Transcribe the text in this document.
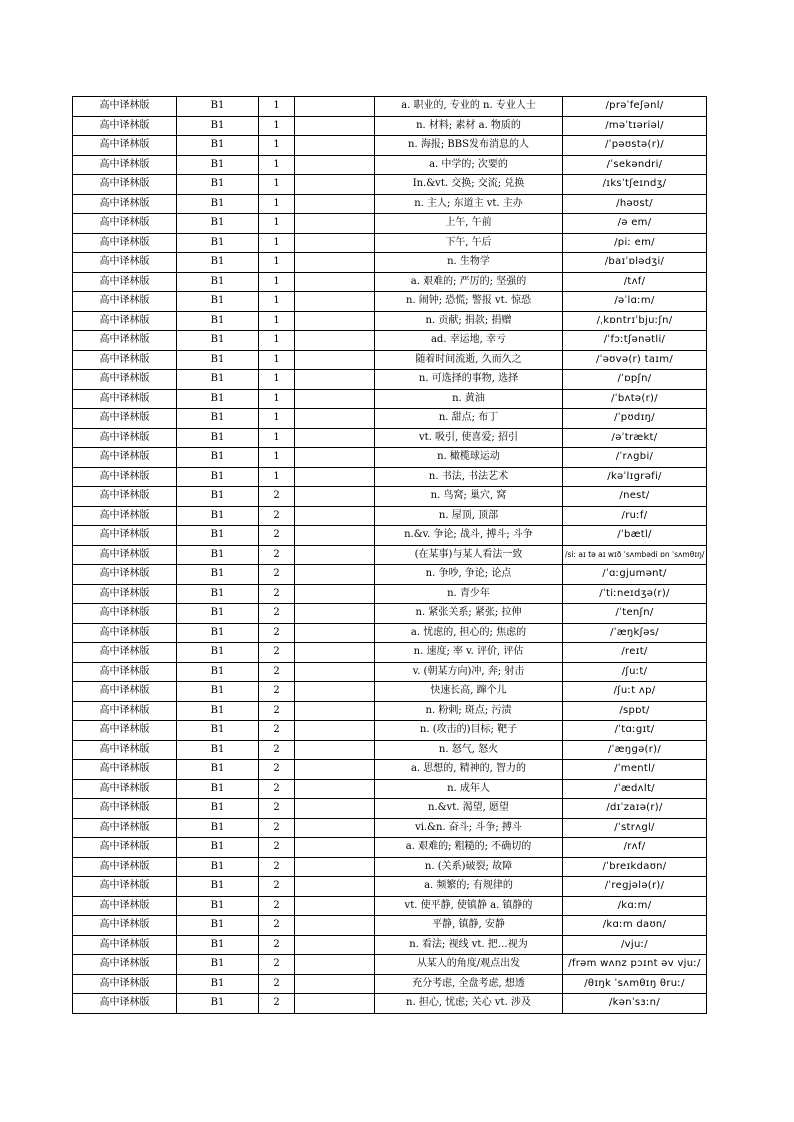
高中译林版	B1	1		a. 职业的, 专业的 n. 专业人士	/prəˈfeʃənl/
高中译林版	B1	1		n. 材料; 素材 a. 物质的	/məˈtɪəriəl/
高中译林版	B1	1		n. 海报; BBS发布消息的人	/ˈpəʊstə(r)/
高中译林版	B1	1		a. 中学的; 次要的	/ˈsekəndri/
高中译林版	B1	1		In.&vt. 交换; 交流; 兑换	/ɪksˈtʃeɪndʒ/
高中译林版	B1	1		n. 主人; 东道主 vt. 主办	/həʊst/
高中译林版	B1	1		上午, 午前	/ə em/
高中译林版	B1	1		下午, 午后	/piː em/
高中译林版	B1	1		n. 生物学	/baɪˈɒlədʒi/
高中译林版	B1	1		a. 艰难的; 严厉的; 坚强的	/tʌf/
高中译林版	B1	1		n. 闹钟; 恐慌; 警报 vt. 惊恐	/əˈlɑːm/
高中译林版	B1	1		n. 贡献; 捐款; 捐赠	/ˌkɒntrɪˈbjuːʃn/
高中译林版	B1	1		ad. 幸运地, 幸亏	/ˈfɔːtʃənətli/
高中译林版	B1	1		随着时间流逝, 久而久之	/ˈəʊvə(r) taɪm/
高中译林版	B1	1		n. 可选择的事物, 选择	/ˈɒpʃn/
高中译林版	B1	1		n. 黄油	/ˈbʌtə(r)/
高中译林版	B1	1		n. 甜点; 布丁	/ˈpʊdɪŋ/
高中译林版	B1	1		vt. 吸引, 使喜爱; 招引	/əˈtrækt/
高中译林版	B1	1		n. 橄榄球运动	/ˈrʌgbi/
高中译林版	B1	1		n. 书法, 书法艺术	/kəˈlɪgrəfi/
高中译林版	B1	2		n. 鸟窝; 巢穴, 窝	/nest/
高中译林版	B1	2		n. 屋顶, 顶部	/ruːf/
高中译林版	B1	2		n.&v. 争论; 战斗, 搏斗; 斗争	/ˈbætl/
高中译林版	B1	2		(在某事)与某人看法一致	/siː aɪ tə aɪ wɪð ˈsʌmbədi ɒn ˈsʌmθɪŋ/
高中译林版	B1	2		n. 争吵, 争论; 论点	/ˈɑːgjumənt/
高中译林版	B1	2		n. 青少年	/ˈtiːneɪdʒə(r)/
高中译林版	B1	2		n. 紧张关系; 紧张; 拉伸	/ˈtenʃn/
高中译林版	B1	2		a. 忧虑的, 担心的; 焦虑的	/ˈæŋkʃəs/
高中译林版	B1	2		n. 速度; 率 v. 评价, 评估	/reɪt/
高中译林版	B1	2		v. (朝某方向)冲, 奔; 射击	/ʃuːt/
高中译林版	B1	2		快速长高, 蹿个儿	/ʃuːt ʌp/
高中译林版	B1	2		n. 粉刺; 斑点; 污渍	/spɒt/
高中译林版	B1	2		n. (攻击的)目标; 靶子	/ˈtɑːgɪt/
高中译林版	B1	2		n. 怒气, 怒火	/ˈæŋgə(r)/
高中译林版	B1	2		a. 思想的, 精神的, 智力的	/ˈmentl/
高中译林版	B1	2		n. 成年人	/ˈædʌlt/
高中译林版	B1	2		n.&vt. 渴望, 愿望	/dɪˈzaɪə(r)/
高中译林版	B1	2		vi.&n. 奋斗; 斗争; 搏斗	/ˈstrʌgl/
高中译林版	B1	2		a. 艰难的; 粗糙的; 不确切的	/rʌf/
高中译林版	B1	2		n. (关系)破裂; 故障	/ˈbreɪkdaʊn/
高中译林版	B1	2		a. 频繁的; 有规律的	/ˈregjələ(r)/
高中译林版	B1	2		vt. 使平静, 使镇静 a. 镇静的	/kɑːm/
高中译林版	B1	2		平静, 镇静, 安静	/kɑːm daʊn/
高中译林版	B1	2		n. 看法; 视线 vt. 把…视为	/vjuː/
高中译林版	B1	2		从某人的角度/观点出发	/frəm wʌnz pɔɪnt əv vjuː/
高中译林版	B1	2		充分考虑, 全盘考虑, 想透	/θɪŋk ˈsʌmθɪŋ θruː/
高中译林版	B1	2		n. 担心, 忧虑; 关心 vt. 涉及	/kənˈsɜːn/
